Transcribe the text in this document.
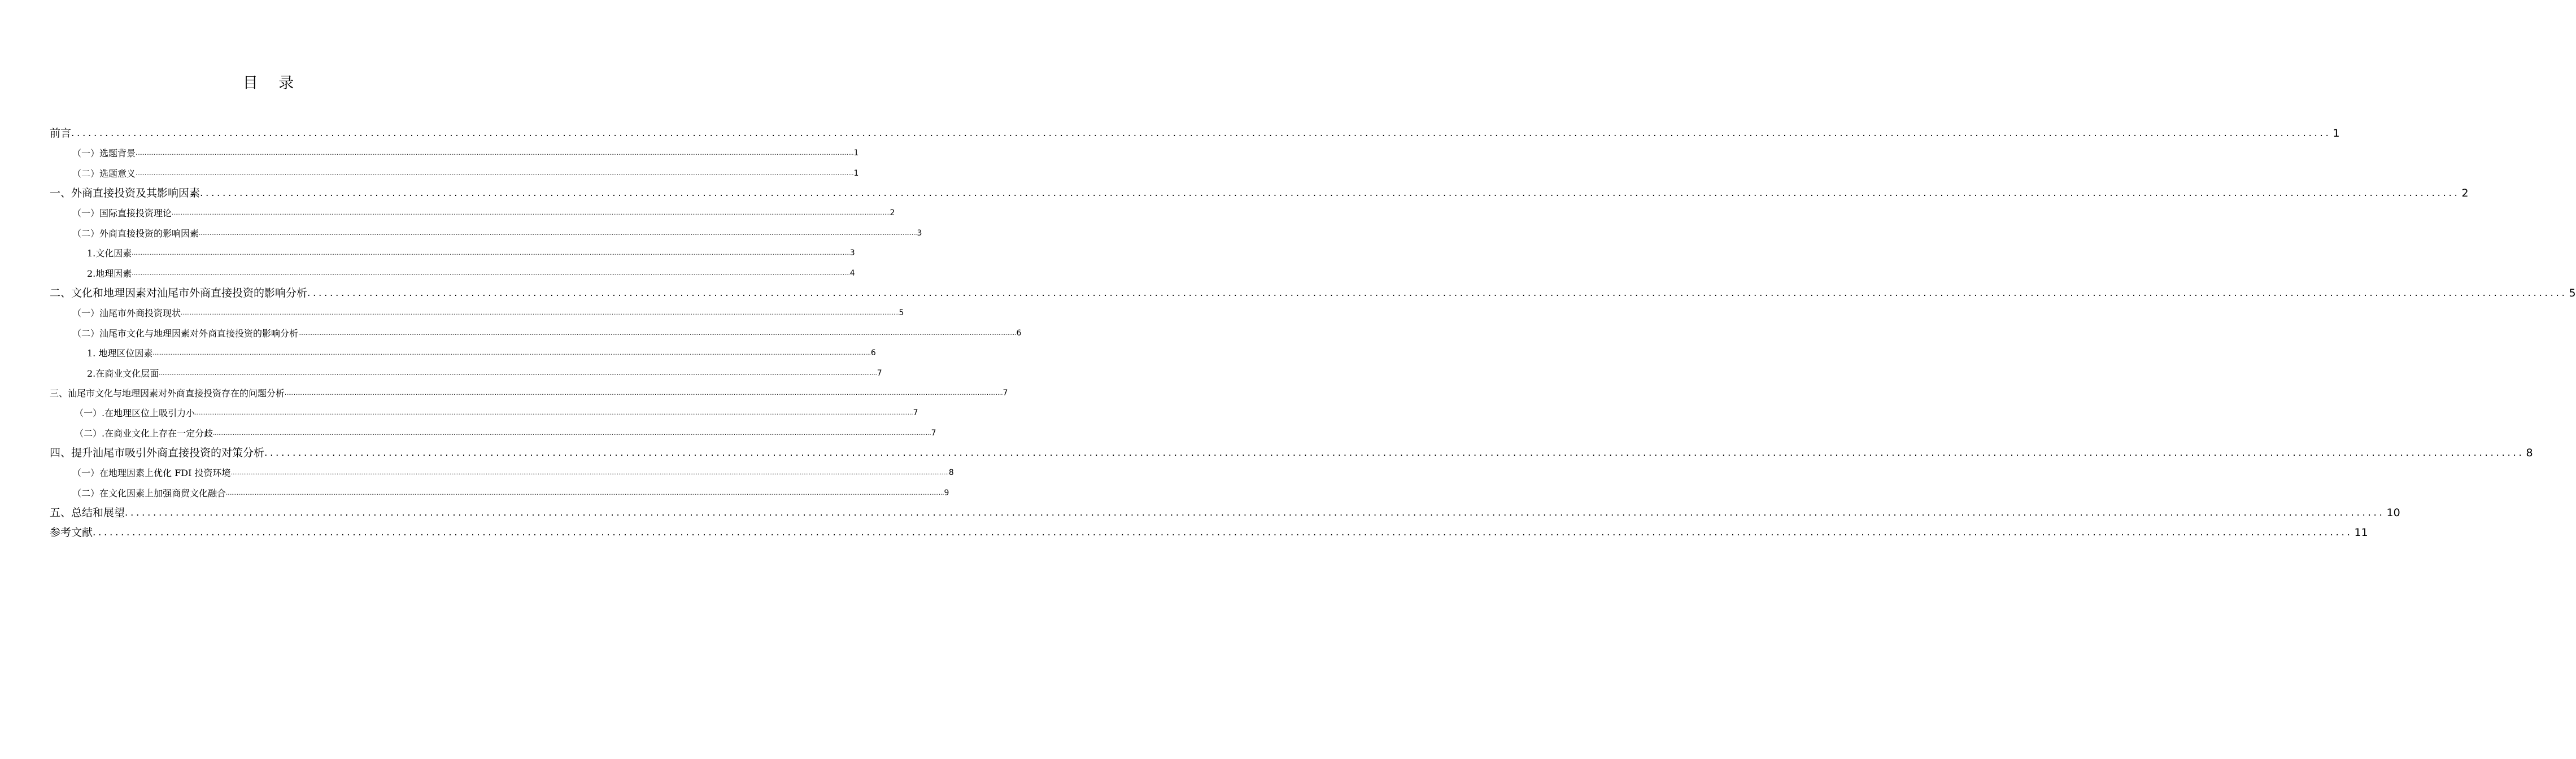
目 录
前言 ................................................................................................................................................................................................................................................................................................................................................................................................................ 1
（一）选题背景 ................................................................................................................................................................................................................................................................................................................................................................................................................ 1
（二）选题意义 ................................................................................................................................................................................................................................................................................................................................................................................................................ 1
一、外商直接投资及其影响因素 ................................................................................................................................................................................................................................................................................................................................................................................................................ 2
（一）国际直接投资理论 ................................................................................................................................................................................................................................................................................................................................................................................................................ 2
（二）外商直接投资的影响因素 ................................................................................................................................................................................................................................................................................................................................................................................................................ 3
1.文化因素 ................................................................................................................................................................................................................................................................................................................................................................................................................ 3
2.地理因素 ................................................................................................................................................................................................................................................................................................................................................................................................................ 4
二、文化和地理因素对汕尾市外商直接投资的影响分析 ................................................................................................................................................................................................................................................................................................................................................................................................................ 5
（一）汕尾市外商投资现状 ................................................................................................................................................................................................................................................................................................................................................................................................................ 5
（二）汕尾市文化与地理因素对外商直接投资的影响分析 ................................................................................................................................................................................................................................................................................................................................................................................................................ 6
1. 地理区位因素 ................................................................................................................................................................................................................................................................................................................................................................................................................ 6
2.在商业文化层面 ................................................................................................................................................................................................................................................................................................................................................................................................................ 7
三、汕尾市文化与地理因素对外商直接投资存在的问题分析 ................................................................................................................................................................................................................................................................................................................................................................................................................ 7
（一）.在地理区位上吸引力小 ................................................................................................................................................................................................................................................................................................................................................................................................................ 7
（二）.在商业文化上存在一定分歧 ................................................................................................................................................................................................................................................................................................................................................................................................................ 7
四、提升汕尾市吸引外商直接投资的对策分析 ................................................................................................................................................................................................................................................................................................................................................................................................................ 8
（一）在地理因素上优化 FDI 投资环境 ................................................................................................................................................................................................................................................................................................................................................................................................................ 8
（二）在文化因素上加强商贸文化融合 ................................................................................................................................................................................................................................................................................................................................................................................................................ 9
五、总结和展望 ................................................................................................................................................................................................................................................................................................................................................................................................................ 10
参考文献 ................................................................................................................................................................................................................................................................................................................................................................................................................ 11
